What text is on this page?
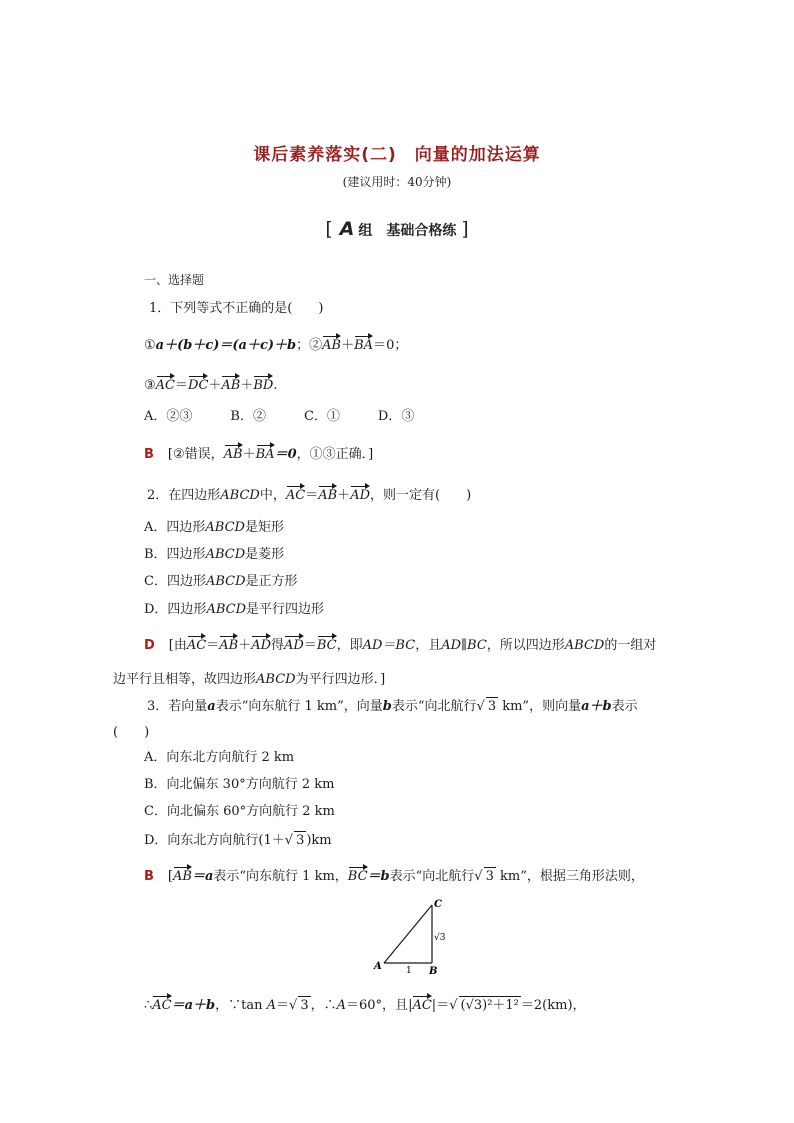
课后素养落实(二)　向量的加法运算
(建议用时：40分钟)
[ A 组　基础合格练 ]
一、选择题
1．下列等式不正确的是(　　)
①a＋(b＋c)＝(a＋c)＋b；②AB＋BA＝0；
③AC＝DC＋AB＋BD.
A．②③	B．②	C．①	D．③
B [②错误，AB＋BA＝0，①③正确．]
2．在四边形ABCD中，AC＝AB＋AD，则一定有(　　)
A．四边形ABCD是矩形
B．四边形ABCD是菱形
C．四边形ABCD是正方形
D．四边形ABCD是平行四边形
D [由AC＝AB＋AD得AD＝BC，即AD＝BC，且AD∥BC，所以四边形ABCD的一组对
边平行且相等，故四边形ABCD为平行四边形．]
3．若向量a表示“向东航行 1 km”，向量b表示“向北航行√ 3 km”，则向量a＋b表示
(　　)
A．向东北方向航行 2 km
B．向北偏东 30°方向航行 2 km
C．向北偏东 60°方向航行 2 km
D．向东北方向航行(1＋√ 3 )km
B [AB＝a表示“向东航行 1 km，BC＝b表示“向北航行√ 3 km”，根据三角形法则，
A	B
C
1
√3
∴AC＝a＋b，∵tan A＝√ 3 ，∴A＝60°，且|AC|＝√ (√3)²＋1² ＝2(km)，
